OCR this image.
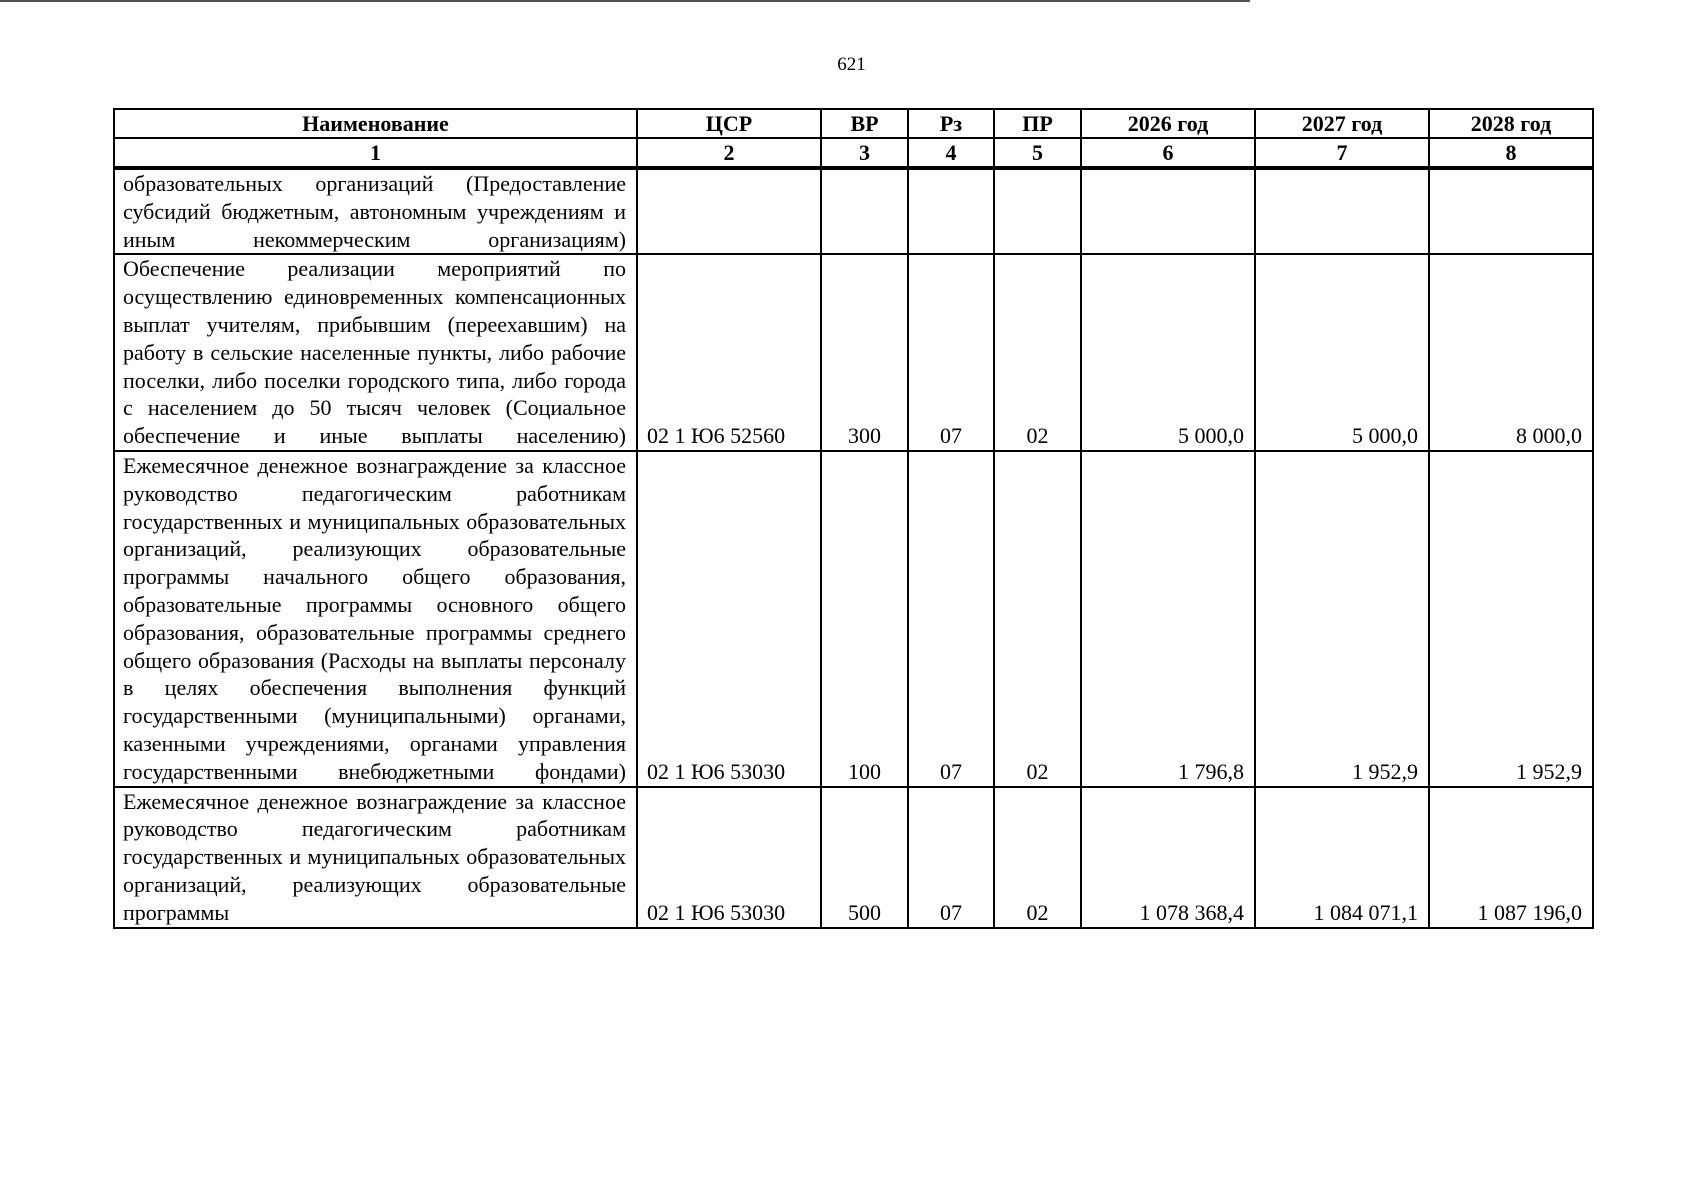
621
Наименование	ЦСР	ВР	Рз	ПР	2026 год	2027 год	2028 год
1	2	3	4	5	6	7	8
образовательных организаций (Предоставление субсидий бюджетным, автономным учреждениям и иным некоммерческим организациям)							
Обеспечение реализации мероприятий по осуществлению единовременных компенсационных выплат учителям, прибывшим (переехавшим) на работу в сельские населенные пункты, либо рабочие поселки, либо поселки городского типа, либо города с населением до 50 тысяч человек (Социальное обеспечение и иные выплаты населению)	02 1 Ю6 52560	300	07	02	5 000,0	5 000,0	8 000,0
Ежемесячное денежное вознаграждение за классное руководство педагогическим работникам государственных и муниципальных образовательных организаций, реализующих образовательные программы начального общего образования, образовательные программы основного общего образования, образовательные программы среднего общего образования (Расходы на выплаты персоналу в целях обеспечения выполнения функций государственными (муниципальными) органами, казенными учреждениями, органами управления государственными внебюджетными фондами)	02 1 Ю6 53030	100	07	02	1 796,8	1 952,9	1 952,9
Ежемесячное денежное вознаграждение за классное руководство педагогическим работникам государственных и муниципальных образовательных организаций, реализующих образовательные программы	02 1 Ю6 53030	500	07	02	1 078 368,4	1 084 071,1	1 087 196,0
